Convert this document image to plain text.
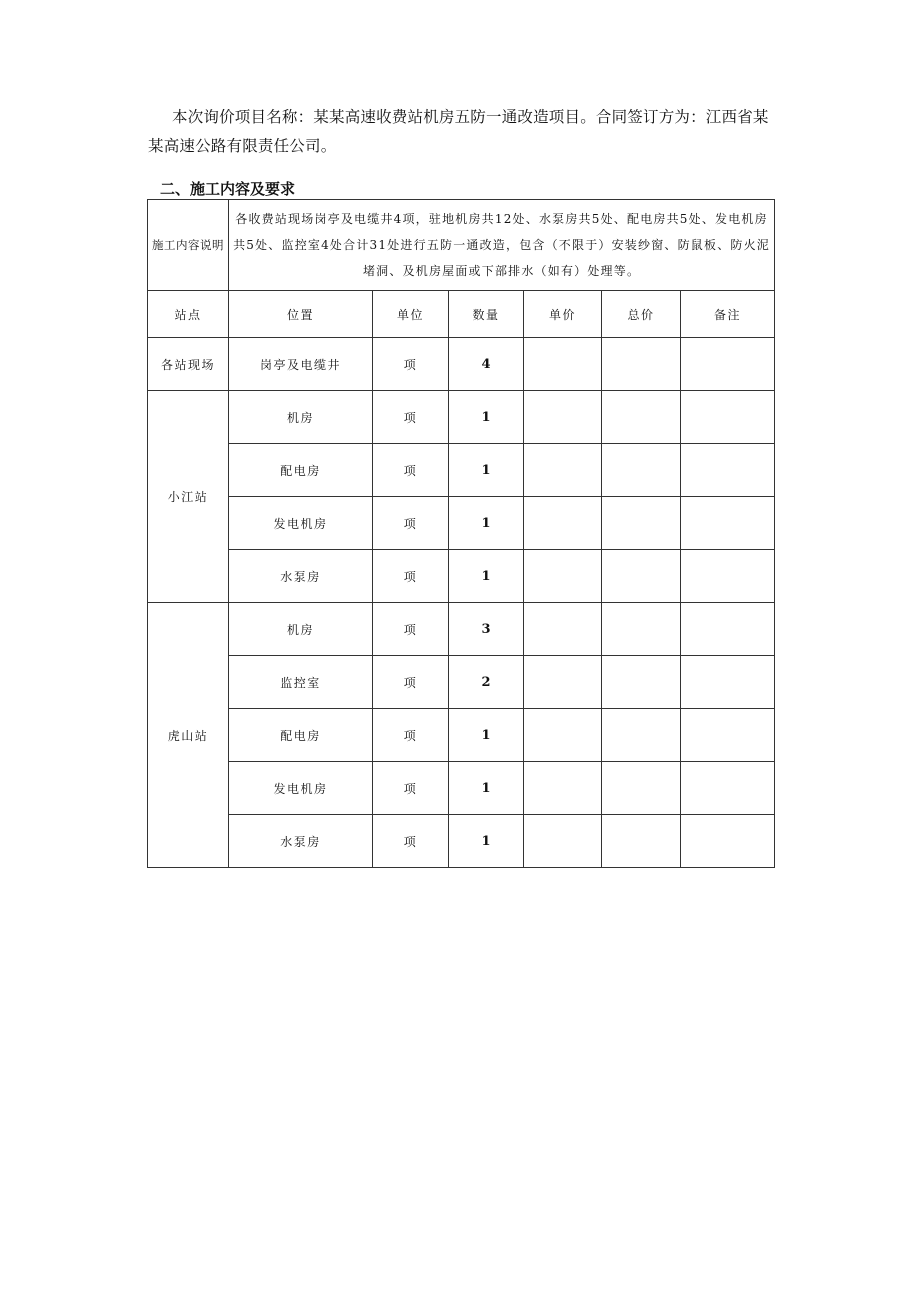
本次询价项目名称：某某高速收费站机房五防一通改造项目。合同签订方为：江西省某某高速公路有限责任公司。

二、施工内容及要求
施工内容说明	各收费站现场岗亭及电缆井4项，驻地机房共12处、水泵房共5处、配电房共5处、发电机房共5处、监控室4处合计31处进行五防一通改造，包含（不限于）安装纱窗、防鼠板、防火泥堵洞、及机房屋面或下部排水（如有）处理等。					
站点	位置	单位	数量	单价	总价	备注
各站现场	岗亭及电缆井	项	4			
小江站	机房	项	1			
	配电房	项	1			
	发电机房	项	1			
	水泵房	项	1			
虎山站	机房	项	3			
	监控室	项	2			
	配电房	项	1			
	发电机房	项	1			
	水泵房	项	1			
